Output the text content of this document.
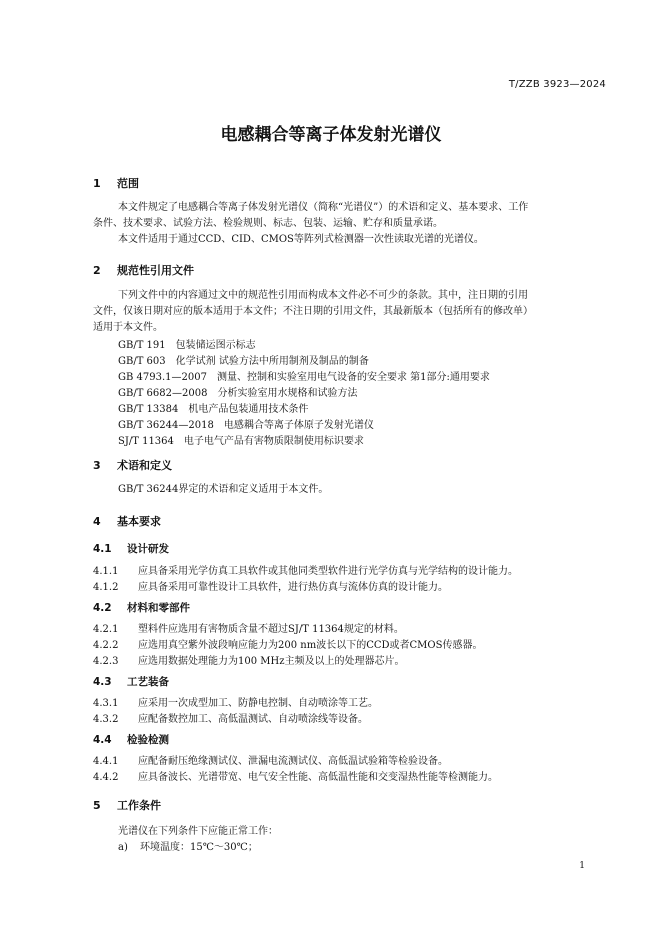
T/ZZB 3923—2024
电感耦合等离子体发射光谱仪
1 范围
本文件规定了电感耦合等离子体发射光谱仪（简称“光谱仪”）的术语和定义、基本要求、工作
条件、技术要求、试验方法、检验规则、标志、包装、运输、贮存和质量承诺。
本文件适用于通过CCD、CID、CMOS等阵列式检测器一次性读取光谱的光谱仪。
2 规范性引用文件
下列文件中的内容通过文中的规范性引用而构成本文件必不可少的条款。其中，注日期的引用
文件，仅该日期对应的版本适用于本文件；不注日期的引用文件，其最新版本（包括所有的修改单）
适用于本文件。
GB/T 191　包装储运图示标志
GB/T 603　化学试剂 试验方法中所用制剂及制品的制备
GB 4793.1—2007　测量、控制和实验室用电气设备的安全要求 第1部分:通用要求
GB/T 6682—2008　分析实验室用水规格和试验方法
GB/T 13384　机电产品包装通用技术条件
GB/T 36244—2018　电感耦合等离子体原子发射光谱仪
SJ/T 11364　电子电气产品有害物质限制使用标识要求
3 术语和定义
GB/T 36244界定的术语和定义适用于本文件。
4 基本要求
4.1 设计研发
4.1.1 应具备采用光学仿真工具软件或其他同类型软件进行光学仿真与光学结构的设计能力。
4.1.2 应具备采用可靠性设计工具软件，进行热仿真与流体仿真的设计能力。
4.2 材料和零部件
4.2.1 塑料件应选用有害物质含量不超过SJ/T 11364规定的材料。
4.2.2 应选用真空紫外波段响应能力为200 nm波长以下的CCD或者CMOS传感器。
4.2.3 应选用数据处理能力为100 MHz主频及以上的处理器芯片。
4.3 工艺装备
4.3.1 应采用一次成型加工、防静电控制、自动喷涂等工艺。
4.3.2 应配备数控加工、高低温测试、自动喷涂线等设备。
4.4 检验检测
4.4.1 应配备耐压绝缘测试仪、泄漏电流测试仪、高低温试验箱等检验设备。
4.4.2 应具备波长、光谱带宽、电气安全性能、高低温性能和交变湿热性能等检测能力。
5 工作条件
光谱仪在下列条件下应能正常工作：
a) 环境温度：15℃～30℃；
1
